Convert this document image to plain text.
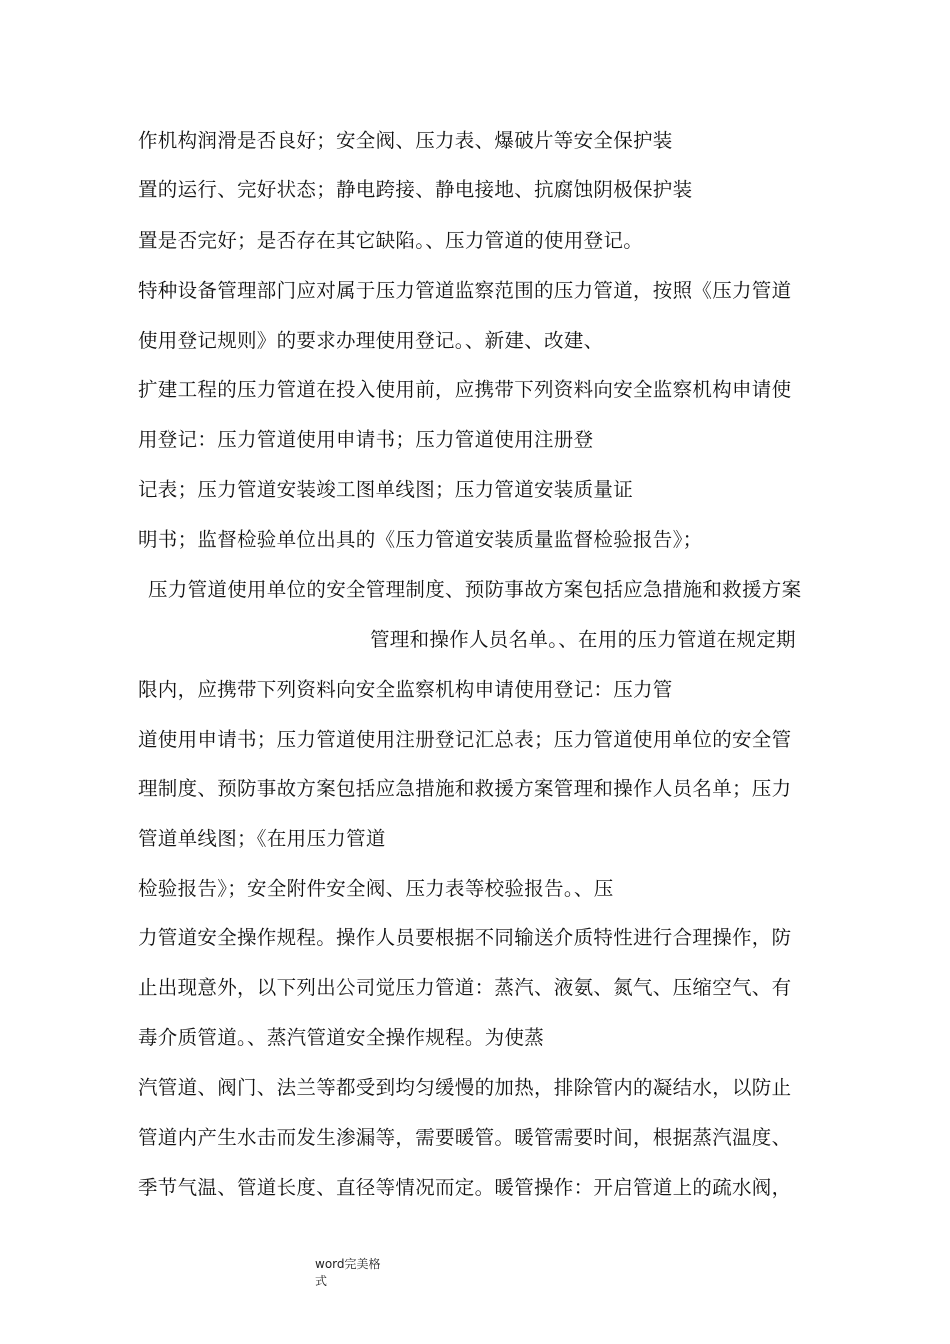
作机构润滑是否良好；安全阀、压力表、爆破片等安全保护装
置的运行、完好状态；静电跨接、静电接地、抗腐蚀阴极保护装
置是否完好；是否存在其它缺陷。、压力管道的使用登记。
特种设备管理部门应对属于压力管道监察范围的压力管道，按照《压力管道
使用登记规则》的要求办理使用登记。、新建、改建、
扩建工程的压力管道在投入使用前，应携带下列资料向安全监察机构申请使
用登记：压力管道使用申请书；压力管道使用注册登
记表；压力管道安装竣工图单线图；压力管道安装质量证
明书；监督检验单位出具的《压力管道安装质量监督检验报告》；
压力管道使用单位的安全管理制度、预防事故方案包括应急措施和救援方案
管理和操作人员名单。、在用的压力管道在规定期
限内，应携带下列资料向安全监察机构申请使用登记：压力管
道使用申请书；压力管道使用注册登记汇总表；压力管道使用单位的安全管
理制度、预防事故方案包括应急措施和救援方案管理和操作人员名单；压力
管道单线图；《在用压力管道
检验报告》；安全附件安全阀、压力表等校验报告。、压
力管道安全操作规程。操作人员要根据不同输送介质特性进行合理操作，防
止出现意外，以下列出公司觉压力管道：蒸汽、液氨、氮气、压缩空气、有
毒介质管道。、蒸汽管道安全操作规程。为使蒸
汽管道、阀门、法兰等都受到均匀缓慢的加热，排除管内的凝结水，以防止
管道内产生水击而发生渗漏等，需要暖管。暖管需要时间，根据蒸汽温度、
季节气温、管道长度、直径等情况而定。暖管操作：开启管道上的疏水阀，
word完美格
式
